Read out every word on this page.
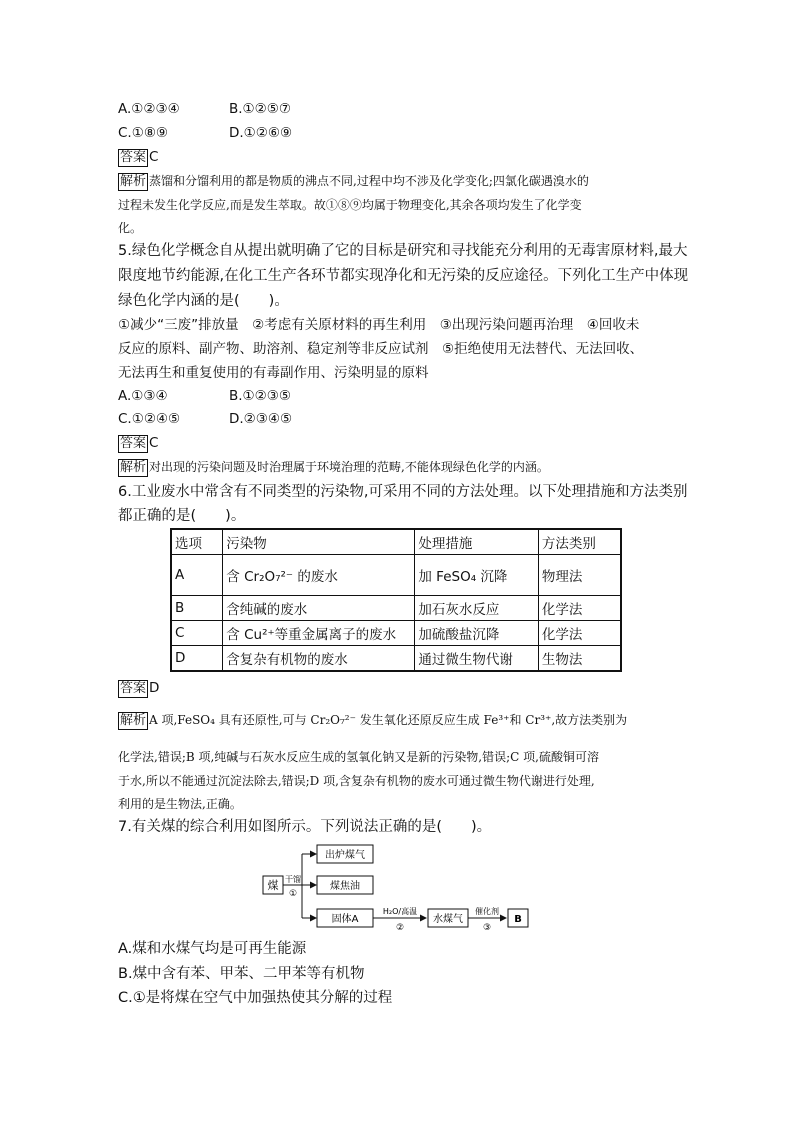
A.①②③④	B.①②⑤⑦
C.①⑧⑨	D.①②⑥⑨
答案 C
解析 蒸馏和分馏利用的都是物质的沸点不同,过程中均不涉及化学变化;四氯化碳遇溴水的
过程未发生化学反应,而是发生萃取。故①⑧⑨均属于物理变化,其余各项均发生了化学变
化。
5.绿色化学概念自从提出就明确了它的目标是研究和寻找能充分利用的无毒害原材料,最大
限度地节约能源,在化工生产各环节都实现净化和无污染的反应途径。下列化工生产中体现
绿色化学内涵的是(　　)。
①减少“三废”排放量　②考虑有关原材料的再生利用　③出现污染问题再治理　④回收未
反应的原料、副产物、助溶剂、稳定剂等非反应试剂　⑤拒绝使用无法替代、无法回收、
无法再生和重复使用的有毒副作用、污染明显的原料
A.①③④	B.①②③⑤
C.①②④⑤	D.②③④⑤
答案 C
解析 对出现的污染问题及时治理属于环境治理的范畴,不能体现绿色化学的内涵。
6.工业废水中常含有不同类型的污染物,可采用不同的方法处理。以下处理措施和方法类别
都正确的是(　　)。
选项	污染物	处理措施	方法类别
A	含 Cr₂O₇²⁻ 的废水	加 FeSO₄ 沉降	物理法
B	含纯碱的废水	加石灰水反应	化学法
C	含 Cu²⁺等重金属离子的废水	加硫酸盐沉降	化学法
D	含复杂有机物的废水	通过微生物代谢	生物法
答案 D
解析 A 项,FeSO₄ 具有还原性,可与 Cr₂O₇²⁻ 发生氧化还原反应生成 Fe³⁺和 Cr³⁺,故方法类别为
化学法,错误;B 项,纯碱与石灰水反应生成的氢氧化钠又是新的污染物,错误;C 项,硫酸铜可溶
于水,所以不能通过沉淀法除去,错误;D 项,含复杂有机物的废水可通过微生物代谢进行处理,
利用的是生物法,正确。
7.有关煤的综合利用如图所示。下列说法正确的是(　　)。
煤 干馏
①
出炉煤气
煤焦油
固体A
H₂O/高温
②
水煤气
催化剂
③
B
A.煤和水煤气均是可再生能源
B.煤中含有苯、甲苯、二甲苯等有机物
C.①是将煤在空气中加强热使其分解的过程
